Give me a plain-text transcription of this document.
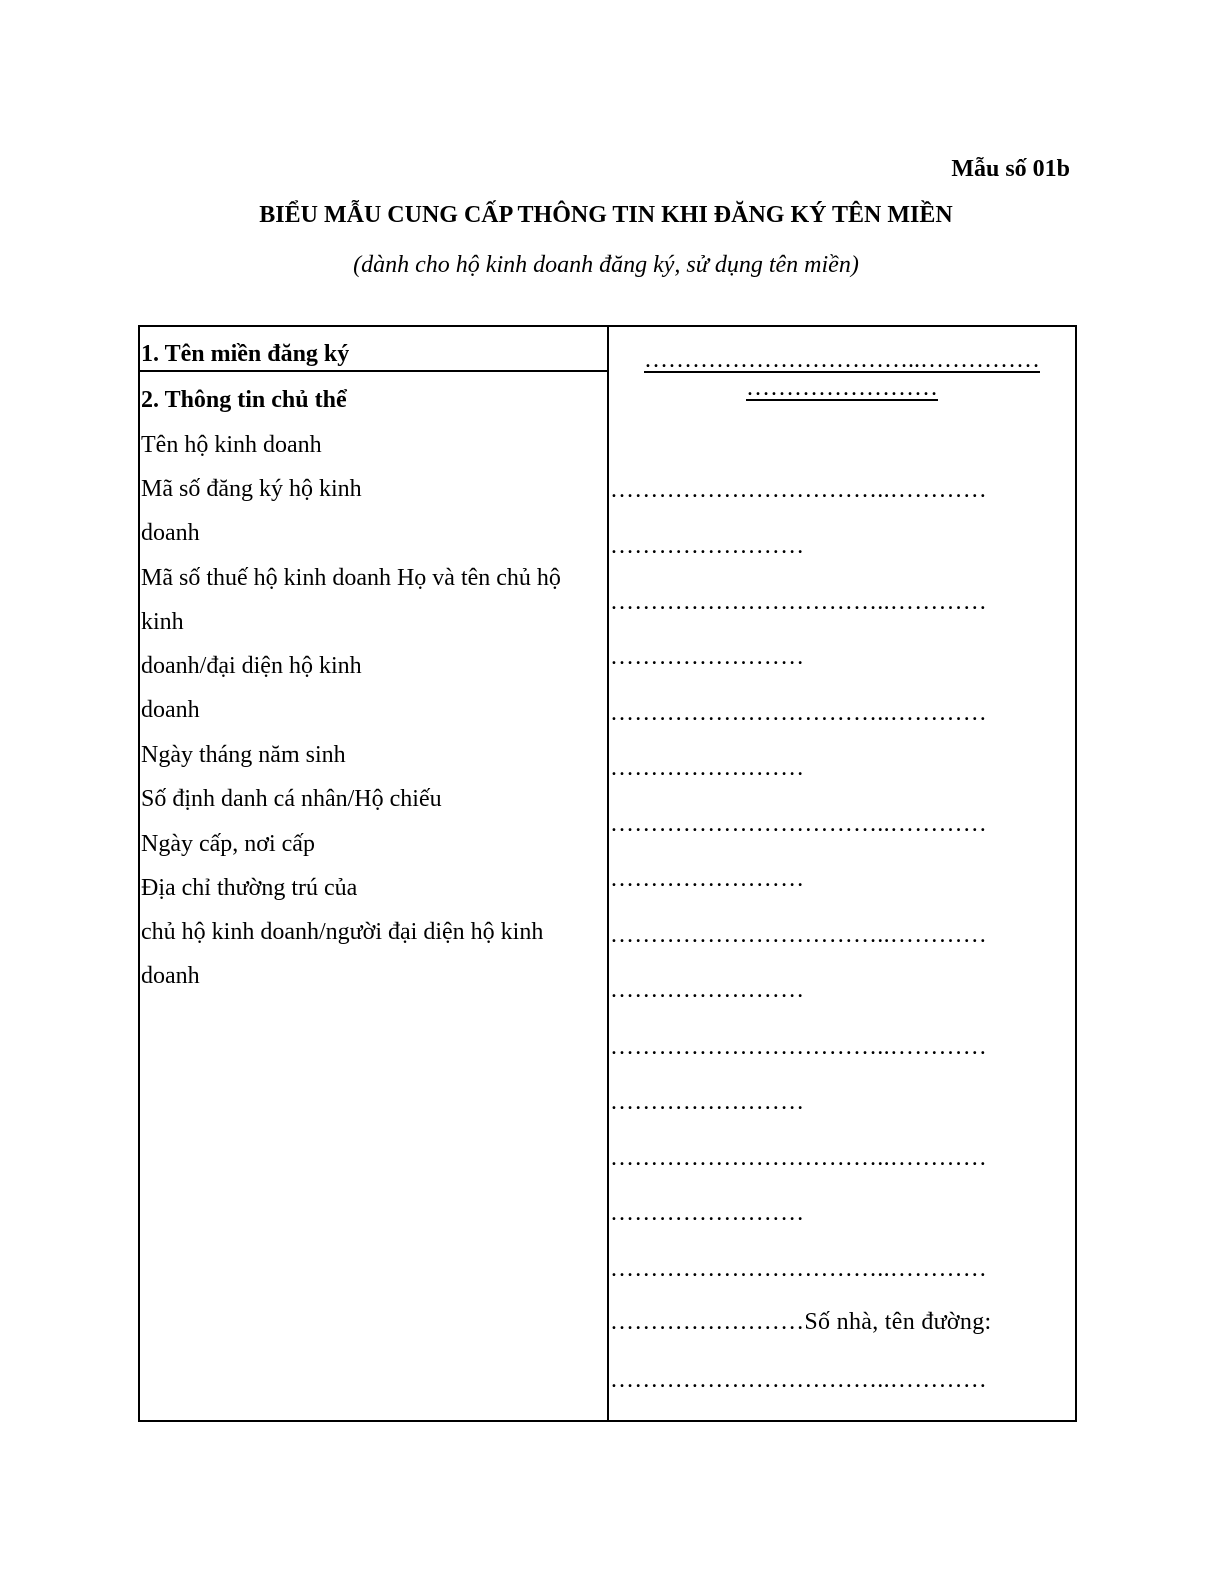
Mẫu số 01b
BIỂU MẪU CUNG CẤP THÔNG TIN KHI ĐĂNG KÝ TÊN MIỀN
(dành cho hộ kinh doanh đăng ký, sử dụng tên miền)
1. Tên miền đăng ký	……………………………..……………
……………………
2. Thông tin chủ thể
Tên hộ kinh doanh
Mã số đăng ký hộ kinh
doanh
Mã số thuế hộ kinh doanh Họ và tên chủ hộ
kinh
doanh/đại diện hộ kinh
doanh
Ngày tháng năm sinh
Số định danh cá nhân/Hộ chiếu
Ngày cấp, nơi cấp
Địa chỉ thường trú của
chủ hộ kinh doanh/người đại diện hộ kinh
doanh
……………………………..…………
……………………
……………………………..…………
……………………
……………………………..…………
……………………
……………………………..…………
……………………
……………………………..…………
……………………
……………………………..…………
……………………
……………………………..…………
……………………
……………………………..…………
……………………Số nhà, tên đường:
……………………………..…………
